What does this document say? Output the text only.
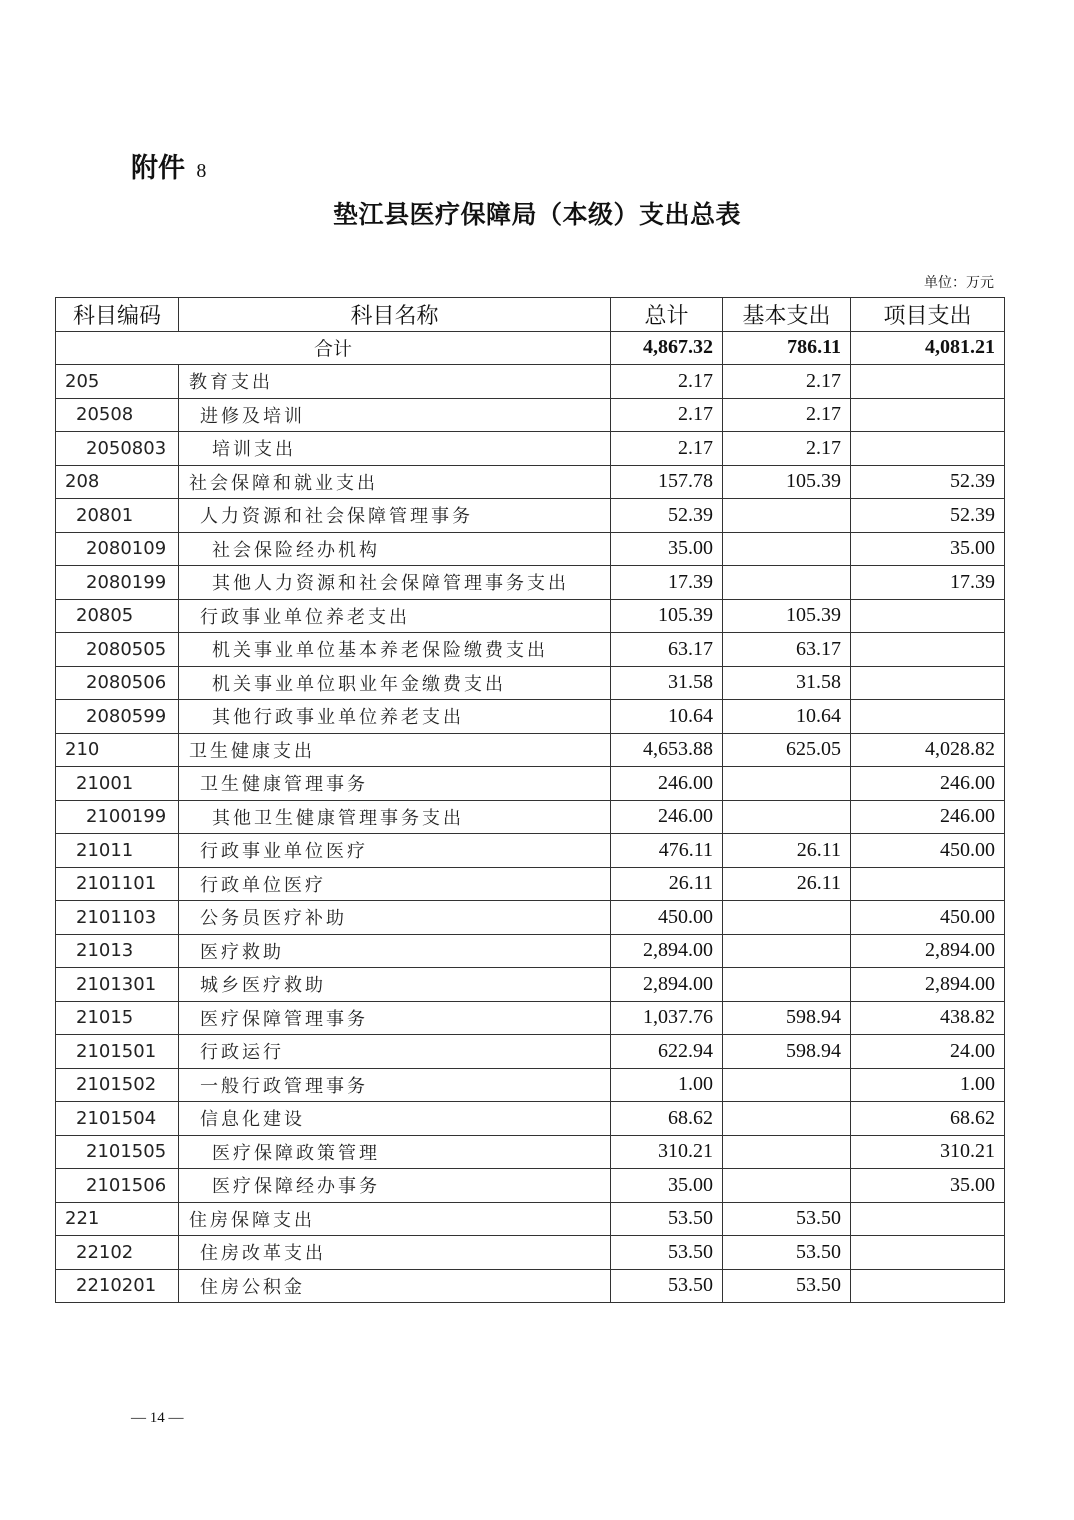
附件 8
垫江县医疗保障局（本级）支出总表
单位：万元
科目编码	科目名称	总计	基本支出	项目支出
合计		4,867.32	786.11	4,081.21
205	教育支出	2.17	2.17	
20508	进修及培训	2.17	2.17	
2050803	培训支出	2.17	2.17	
208	社会保障和就业支出	157.78	105.39	52.39
20801	人力资源和社会保障管理事务	52.39		52.39
2080109	社会保险经办机构	35.00		35.00
2080199	其他人力资源和社会保障管理事务支出	17.39		17.39
20805	行政事业单位养老支出	105.39	105.39	
2080505	机关事业单位基本养老保险缴费支出	63.17	63.17	
2080506	机关事业单位职业年金缴费支出	31.58	31.58	
2080599	其他行政事业单位养老支出	10.64	10.64	
210	卫生健康支出	4,653.88	625.05	4,028.82
21001	卫生健康管理事务	246.00		246.00
2100199	其他卫生健康管理事务支出	246.00		246.00
21011	行政事业单位医疗	476.11	26.11	450.00
2101101	行政单位医疗	26.11	26.11	
2101103	公务员医疗补助	450.00		450.00
21013	医疗救助	2,894.00		2,894.00
2101301	城乡医疗救助	2,894.00		2,894.00
21015	医疗保障管理事务	1,037.76	598.94	438.82
2101501	行政运行	622.94	598.94	24.00
2101502	一般行政管理事务	1.00		1.00
2101504	信息化建设	68.62		68.62
2101505	医疗保障政策管理	310.21		310.21
2101506	医疗保障经办事务	35.00		35.00
221	住房保障支出	53.50	53.50	
22102	住房改革支出	53.50	53.50	
2210201	住房公积金	53.50	53.50	
— 14 —
